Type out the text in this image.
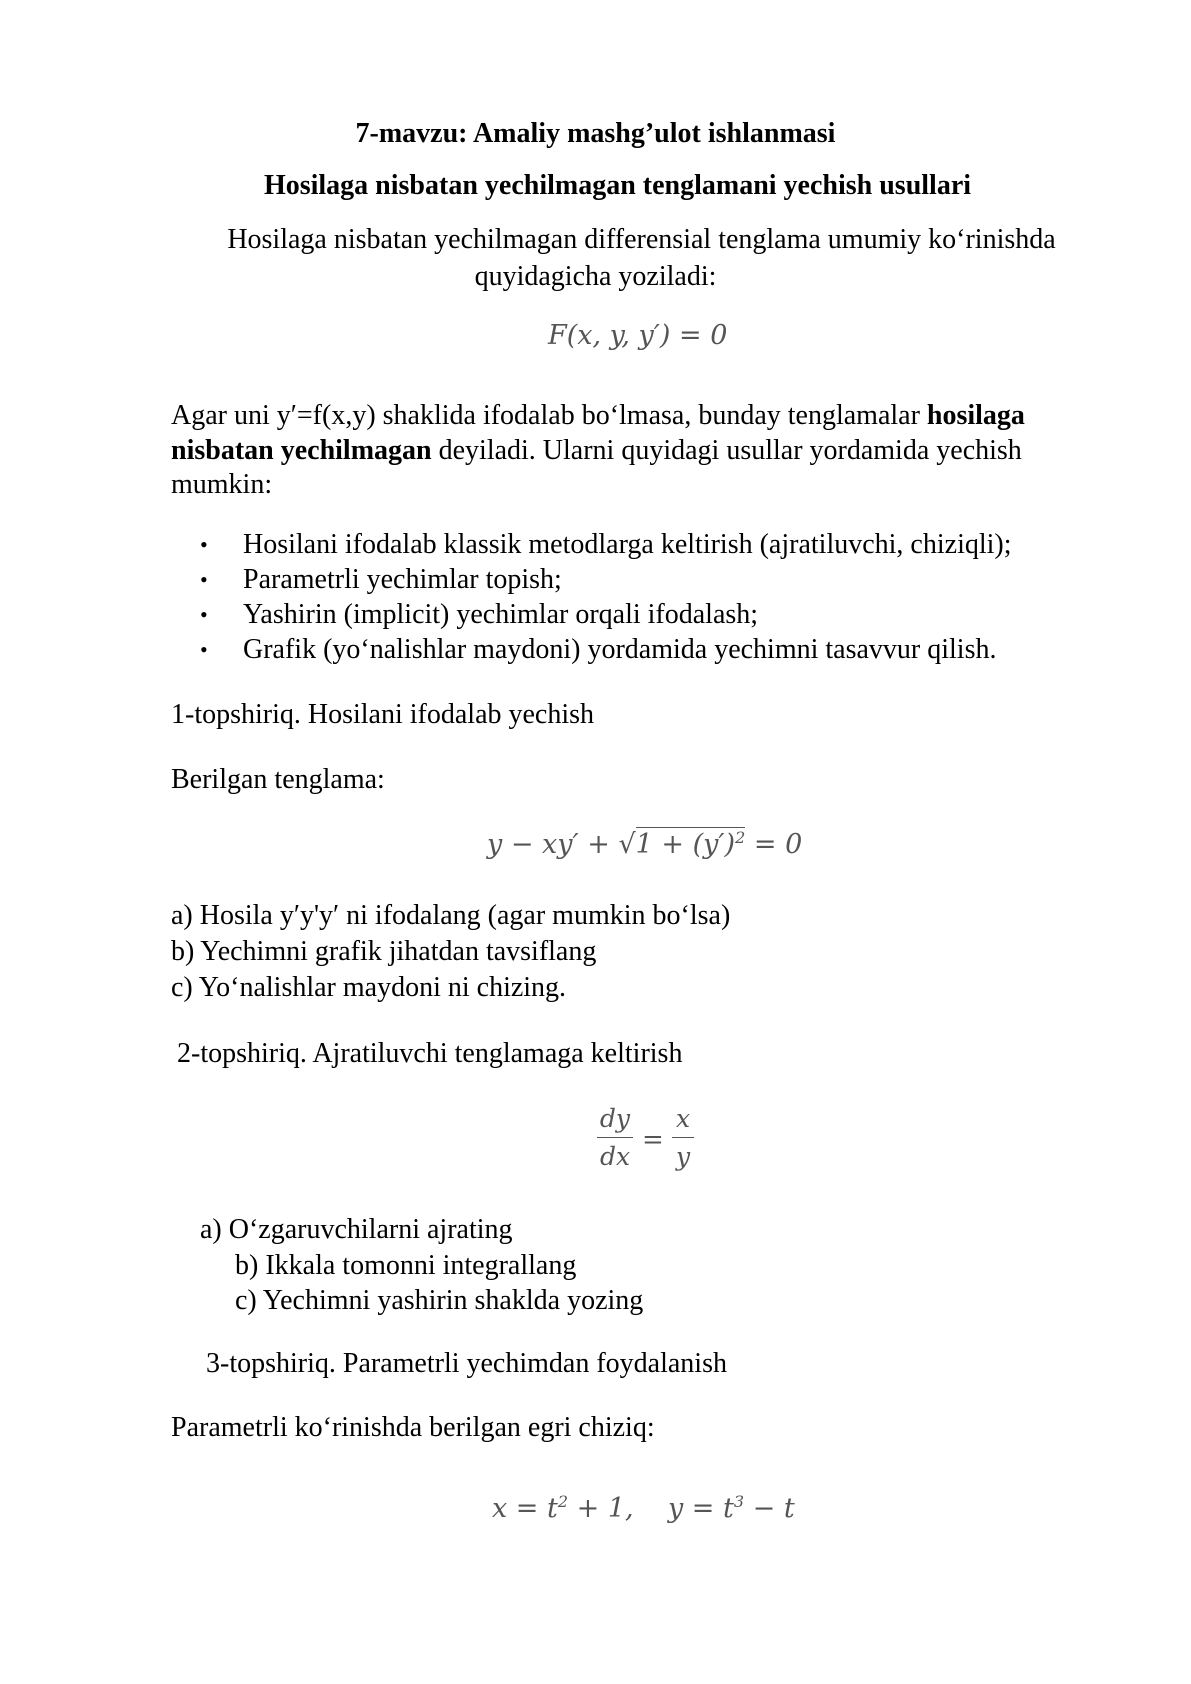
7-mavzu: Amaliy mashg’ulot ishlanmasi
Hosilaga nisbatan yechilmagan tenglamani yechish usullari
Hosilaga nisbatan yechilmagan differensial tenglama umumiy ko‘rinishda
quyidagicha yoziladi:
F(x, y, y′) = 0
Agar uni y′=f(x,y) shaklida ifodalab bo‘lmasa, bunday tenglamalar hosilaga
nisbatan yechilmagan deyiladi. Ularni quyidagi usullar yordamida yechish
mumkin:
• Hosilani ifodalab klassik metodlarga keltirish (ajratiluvchi, chiziqli);
• Parametrli yechimlar topish;
• Yashirin (implicit) yechimlar orqali ifodalash;
• Grafik (yo‘nalishlar maydoni) yordamida yechimni tasavvur qilish.
1-topshiriq. Hosilani ifodalab yechish
Berilgan tenglama:
$y - xy' + √1 + (y')^2 = 0$
a) Hosila y′y'y′ ni ifodalang (agar mumkin bo‘lsa)
b) Yechimni grafik jihatdan tavsiflang
c) Yo‘nalishlar maydoni ni chizing.
2-topshiriq. Ajratiluvchi tenglamaga keltirish
dy
dx
=
x
y
a) O‘zgaruvchilarni ajrating
b) Ikkala tomonni integrallang
c) Yechimni yashirin shaklda yozing
3-topshiriq. Parametrli yechimdan foydalanish
Parametrli ko‘rinishda berilgan egri chiziq:
$x = t^2 + 1$, $y = t^3 - t$
